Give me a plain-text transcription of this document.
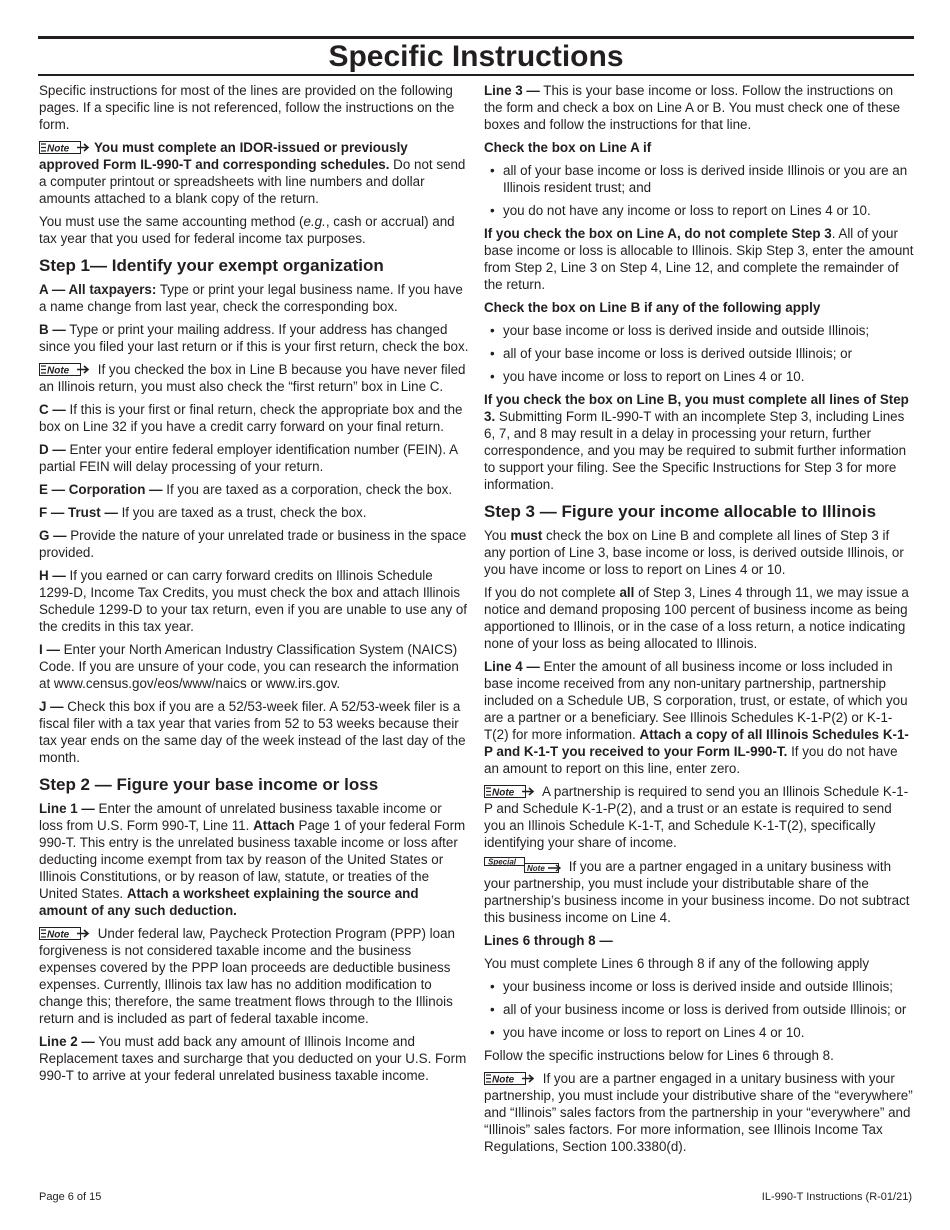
Specific Instructions

Specific instructions for most of the lines are provided on the following pages. If a specific line is not referenced, follow the instructions on the form.

Note You must complete an IDOR-issued or previously approved Form IL-990-T and corresponding schedules. Do not send a computer printout or spreadsheets with line numbers and dollar amounts attached to a blank copy of the return.

You must use the same accounting method (e.g., cash or accrual) and tax year that you used for federal income tax purposes.

Step 1— Identify your exempt organization

A — All taxpayers: Type or print your legal business name. If you have a name change from last year, check the corresponding box.

B — Type or print your mailing address. If your address has changed since you filed your last return or if this is your first return, check the box.

Note If you checked the box in Line B because you have never filed an Illinois return, you must also check the “first return” box in Line C.

C — If this is your first or final return, check the appropriate box and the box on Line 32 if you have a credit carry forward on your final return.

D — Enter your entire federal employer identification number (FEIN). A partial FEIN will delay processing of your return.

E — Corporation — If you are taxed as a corporation, check the box.

F — Trust — If you are taxed as a trust, check the box.

G — Provide the nature of your unrelated trade or business in the space provided.

H — If you earned or can carry forward credits on Illinois Schedule 1299-D, Income Tax Credits, you must check the box and attach Illinois Schedule 1299-D to your tax return, even if you are unable to use any of the credits in this tax year.

I — Enter your North American Industry Classification System (NAICS) Code. If you are unsure of your code, you can research the information at www.census.gov/eos/www/naics or www.irs.gov.

J — Check this box if you are a 52/53-week filer. A 52/53-week filer is a fiscal filer with a tax year that varies from 52 to 53 weeks because their tax year ends on the same day of the week instead of the last day of the month.

Step 2 — Figure your base income or loss

Line 1 — Enter the amount of unrelated business taxable income or loss from U.S. Form 990-T, Line 11. Attach Page 1 of your federal Form 990-T. This entry is the unrelated business taxable income or loss after deducting income exempt from tax by reason of the United States or Illinois Constitutions, or by reason of law, statute, or treaties of the United States. Attach a worksheet explaining the source and amount of any such deduction.

Note Under federal law, Paycheck Protection Program (PPP) loan forgiveness is not considered taxable income and the business expenses covered by the PPP loan proceeds are deductible business expenses. Currently, Illinois tax law has no addition modification to change this; therefore, the same treatment flows through to the Illinois return and is included as part of federal taxable income.

Line 2 — You must add back any amount of Illinois Income and Replacement taxes and surcharge that you deducted on your U.S. Form 990-T to arrive at your federal unrelated business taxable income.

Line 3 — This is your base income or loss. Follow the instructions on the form and check a box on Line A or B. You must check one of these boxes and follow the instructions for that line.

Check the box on Line A if
• all of your base income or loss is derived inside Illinois or you are an Illinois resident trust; and
• you do not have any income or loss to report on Lines 4 or 10.

If you check the box on Line A, do not complete Step 3. All of your base income or loss is allocable to Illinois. Skip Step 3, enter the amount from Step 2, Line 3 on Step 4, Line 12, and complete the remainder of the return.

Check the box on Line B if any of the following apply
• your base income or loss is derived inside and outside Illinois;
• all of your base income or loss is derived outside Illinois; or
• you have income or loss to report on Lines 4 or 10.

If you check the box on Line B, you must complete all lines of Step 3. Submitting Form IL-990-T with an incomplete Step 3, including Lines 6, 7, and 8 may result in a delay in processing your return, further correspondence, and you may be required to submit further information to support your filing. See the Specific Instructions for Step 3 for more information.

Step 3 — Figure your income allocable to Illinois

You must check the box on Line B and complete all lines of Step 3 if any portion of Line 3, base income or loss, is derived outside Illinois, or you have income or loss to report on Lines 4 or 10.

If you do not complete all of Step 3, Lines 4 through 11, we may issue a notice and demand proposing 100 percent of business income as being apportioned to Illinois, or in the case of a loss return, a notice indicating none of your loss as being allocated to Illinois.

Line 4 — Enter the amount of all business income or loss included in base income received from any non-unitary partnership, partnership included on a Schedule UB, S corporation, trust, or estate, of which you are a partner or a beneficiary. See Illinois Schedules K-1-P(2) or K-1-T(2) for more information. Attach a copy of all Illinois Schedules K-1-P and K-1-T you received to your Form IL-990-T. If you do not have an amount to report on this line, enter zero.

Note A partnership is required to send you an Illinois Schedule K-1-P and Schedule K-1-P(2), and a trust or an estate is required to send you an Illinois Schedule K-1-T, and Schedule K-1-T(2), specifically identifying your share of income.

Special
Note If you are a partner engaged in a unitary business with your partnership, you must include your distributable share of the partnership’s business income in your business income. Do not subtract this business income on Line 4.

Lines 6 through 8 —

You must complete Lines 6 through 8 if any of the following apply

• your business income or loss is derived inside and outside Illinois;
• all of your business income or loss is derived from outside Illinois; or
• you have income or loss to report on Lines 4 or 10.

Follow the specific instructions below for Lines 6 through 8.

Note If you are a partner engaged in a unitary business with your partnership, you must include your distributive share of the “everywhere” and “Illinois” sales factors from the partnership in your “everywhere” and “Illinois” sales factors. For more information, see Illinois Income Tax Regulations, Section 100.3380(d).

Page 6 of 15	IL-990-T Instructions (R-01/21)
